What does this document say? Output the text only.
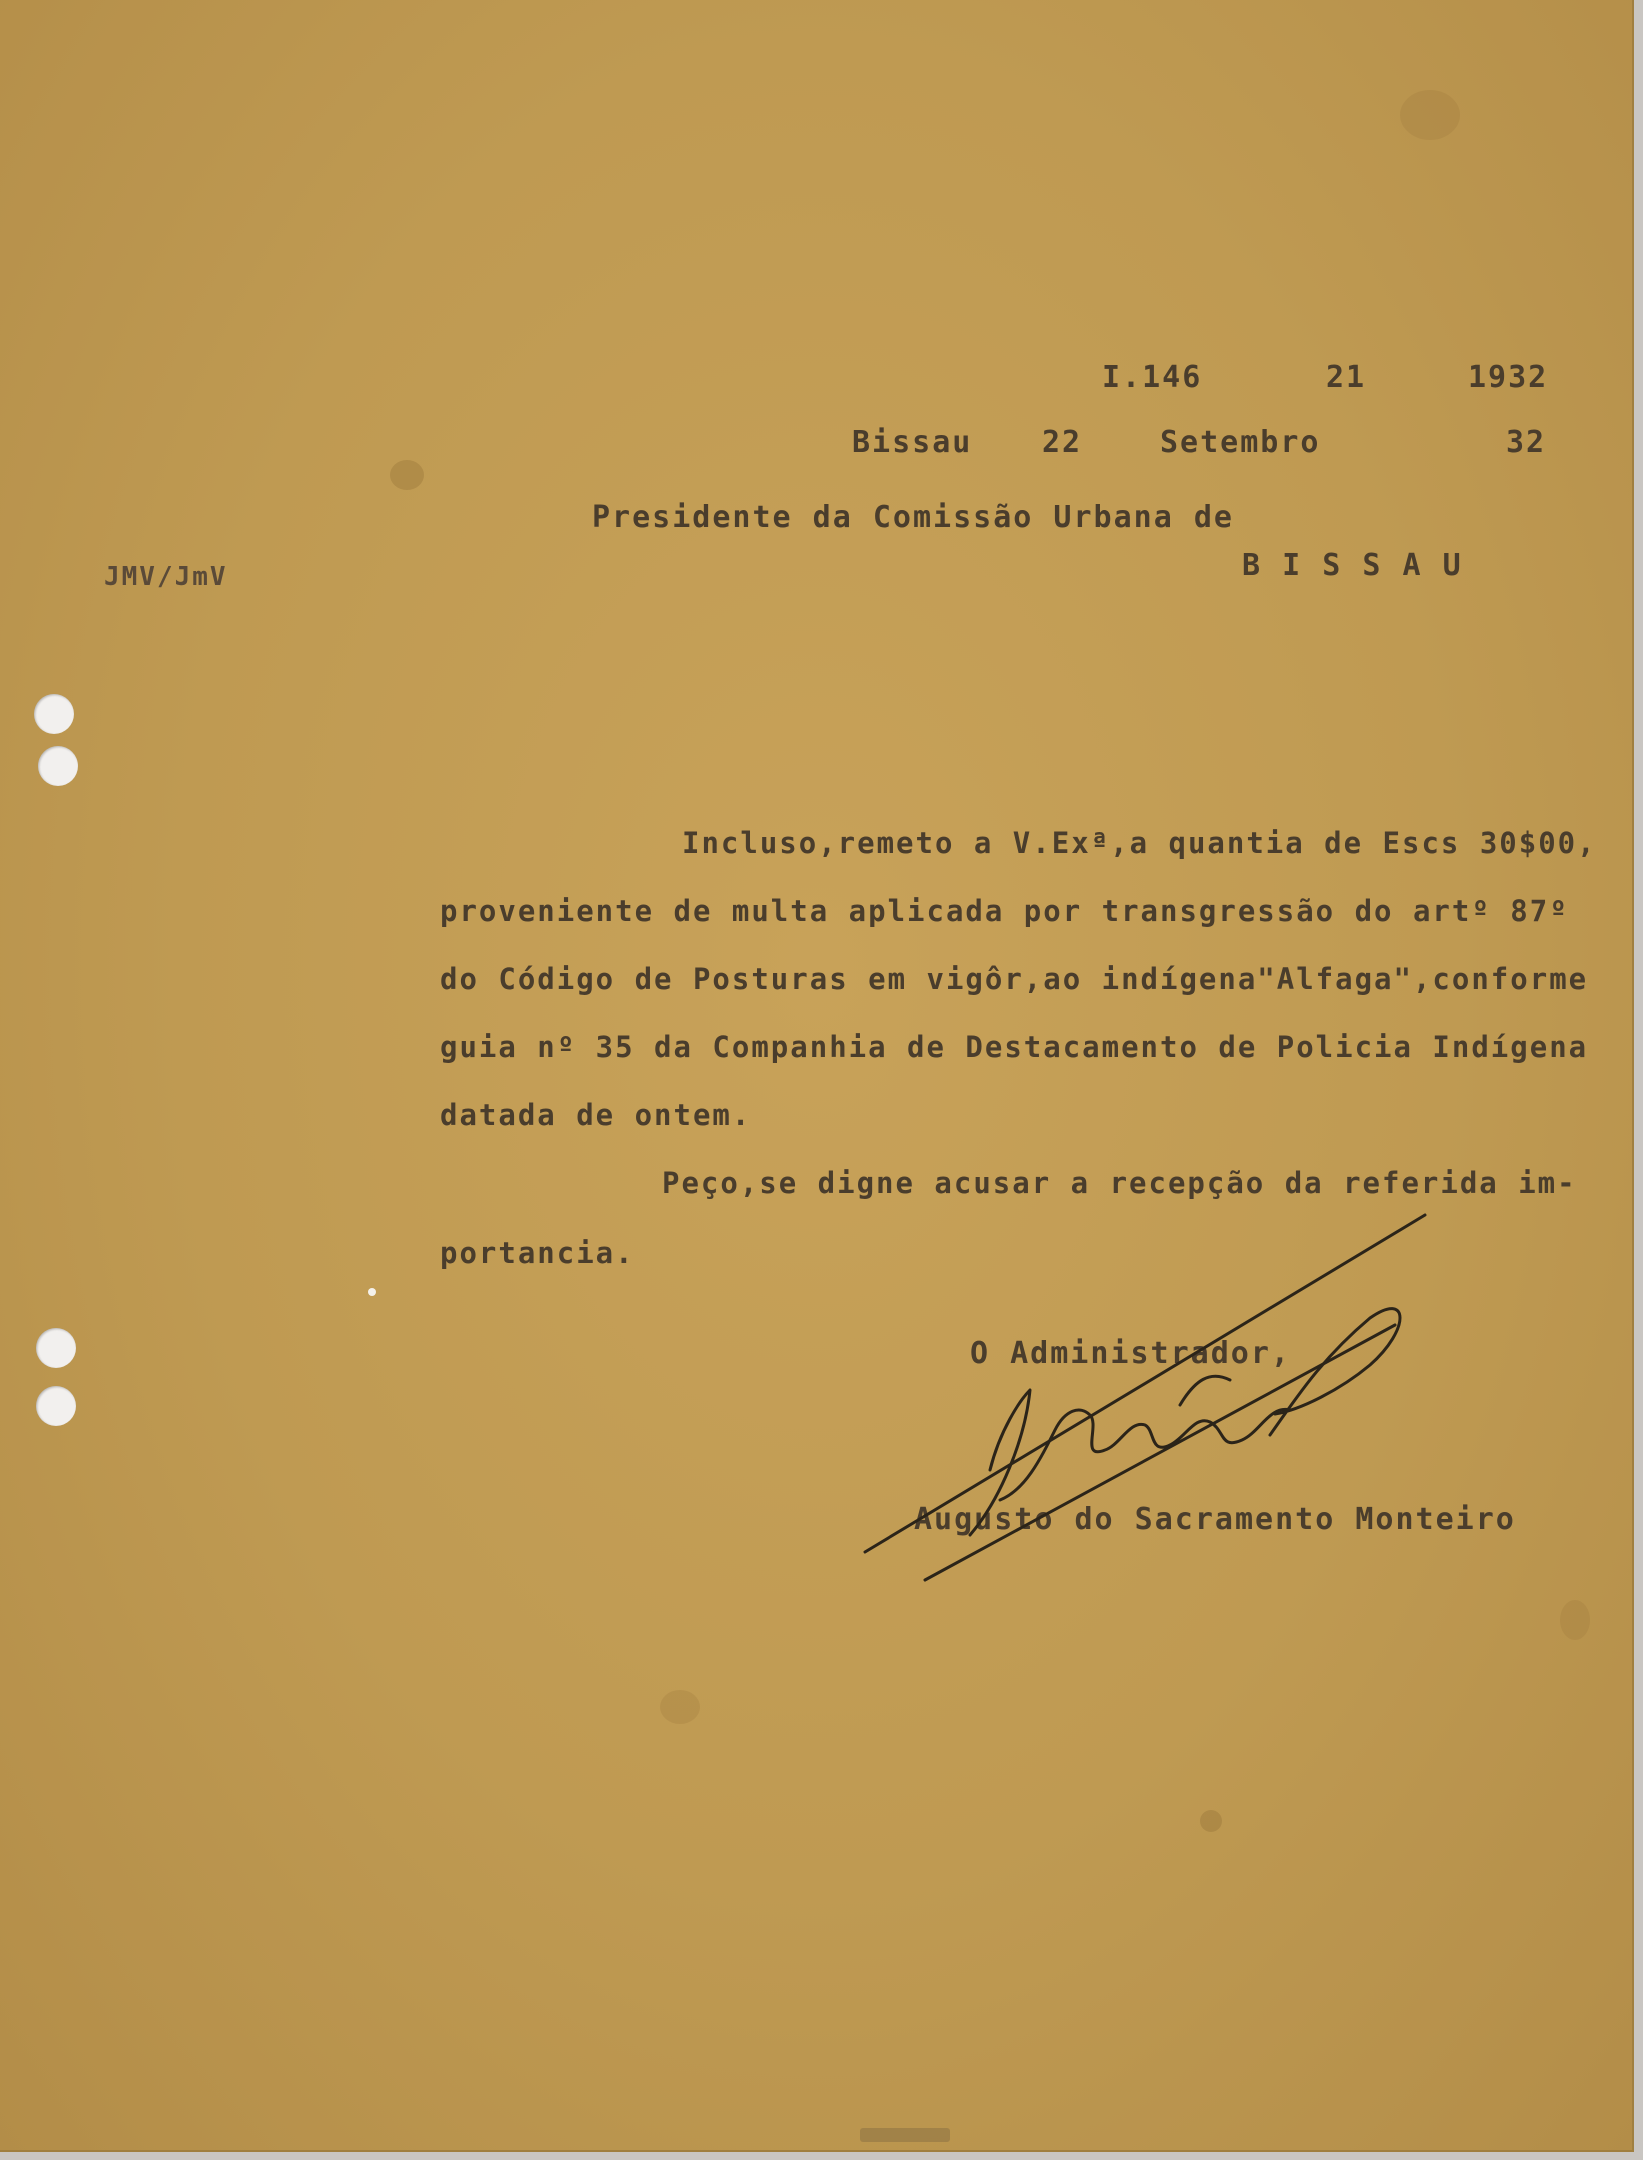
I.146	21	1932
Bissau 22	Setembro	32
Presidente da Comissão Urbana de
B I S S A U
JMV/JmV
Incluso,remeto a V.Exª,a quantia de Escs 30$00,
proveniente de multa aplicada por transgressão do artº 87º
do Código de Posturas em vigôr,ao indígena"Alfaga",conforme
guia nº 35 da Companhia de Destacamento de Policia Indígena
datada de ontem.
Peço,se digne acusar a recepção da referida im-
portancia.
O Administrador,
Augusto do Sacramento Monteiro
